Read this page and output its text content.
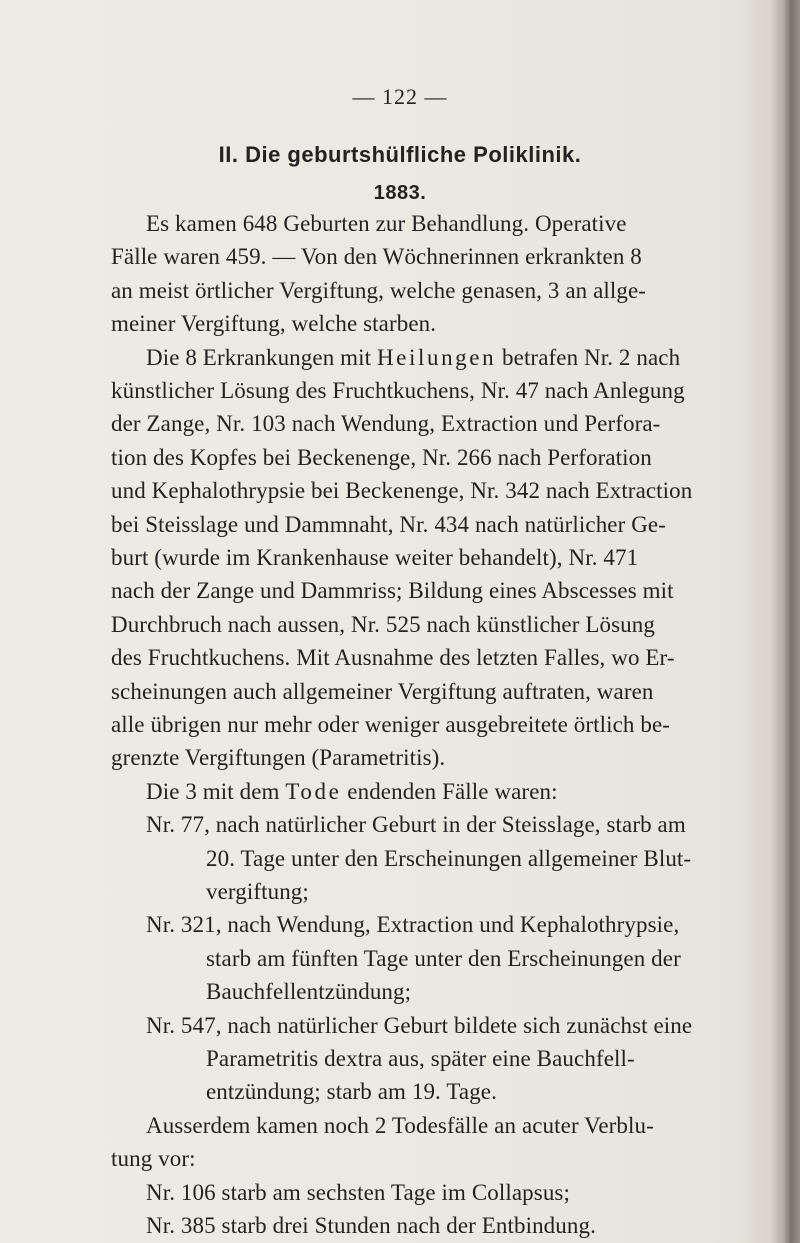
— 122 —
II. Die geburtshülfliche Poliklinik.
1883.
Es kamen 648 Geburten zur Behandlung. Operative
Fälle waren 459. — Von den Wöchnerinnen erkrankten 8
an meist örtlicher Vergiftung, welche genasen, 3 an allge-
meiner Vergiftung, welche starben.
Die 8 Erkrankungen mit Heilungen betrafen Nr. 2 nach
künstlicher Lösung des Fruchtkuchens, Nr. 47 nach Anlegung
der Zange, Nr. 103 nach Wendung, Extraction und Perfora-
tion des Kopfes bei Beckenenge, Nr. 266 nach Perforation
und Kephalothrypsie bei Beckenenge, Nr. 342 nach Extraction
bei Steisslage und Dammnaht, Nr. 434 nach natürlicher Ge-
burt (wurde im Krankenhause weiter behandelt), Nr. 471
nach der Zange und Dammriss; Bildung eines Abscesses mit
Durchbruch nach aussen, Nr. 525 nach künstlicher Lösung
des Fruchtkuchens. Mit Ausnahme des letzten Falles, wo Er-
scheinungen auch allgemeiner Vergiftung auftraten, waren
alle übrigen nur mehr oder weniger ausgebreitete örtlich be-
grenzte Vergiftungen (Parametritis).
Die 3 mit dem Tode endenden Fälle waren:
Nr. 77, nach natürlicher Geburt in der Steisslage, starb am
20. Tage unter den Erscheinungen allgemeiner Blut-
vergiftung;
Nr. 321, nach Wendung, Extraction und Kephalothrypsie,
starb am fünften Tage unter den Erscheinungen der
Bauchfellentzündung;
Nr. 547, nach natürlicher Geburt bildete sich zunächst eine
Parametritis dextra aus, später eine Bauchfell-
entzündung; starb am 19. Tage.
Ausserdem kamen noch 2 Todesfälle an acuter Verblu-
tung vor:
Nr. 106 starb am sechsten Tage im Collapsus;
Nr. 385 starb drei Stunden nach der Entbindung.
